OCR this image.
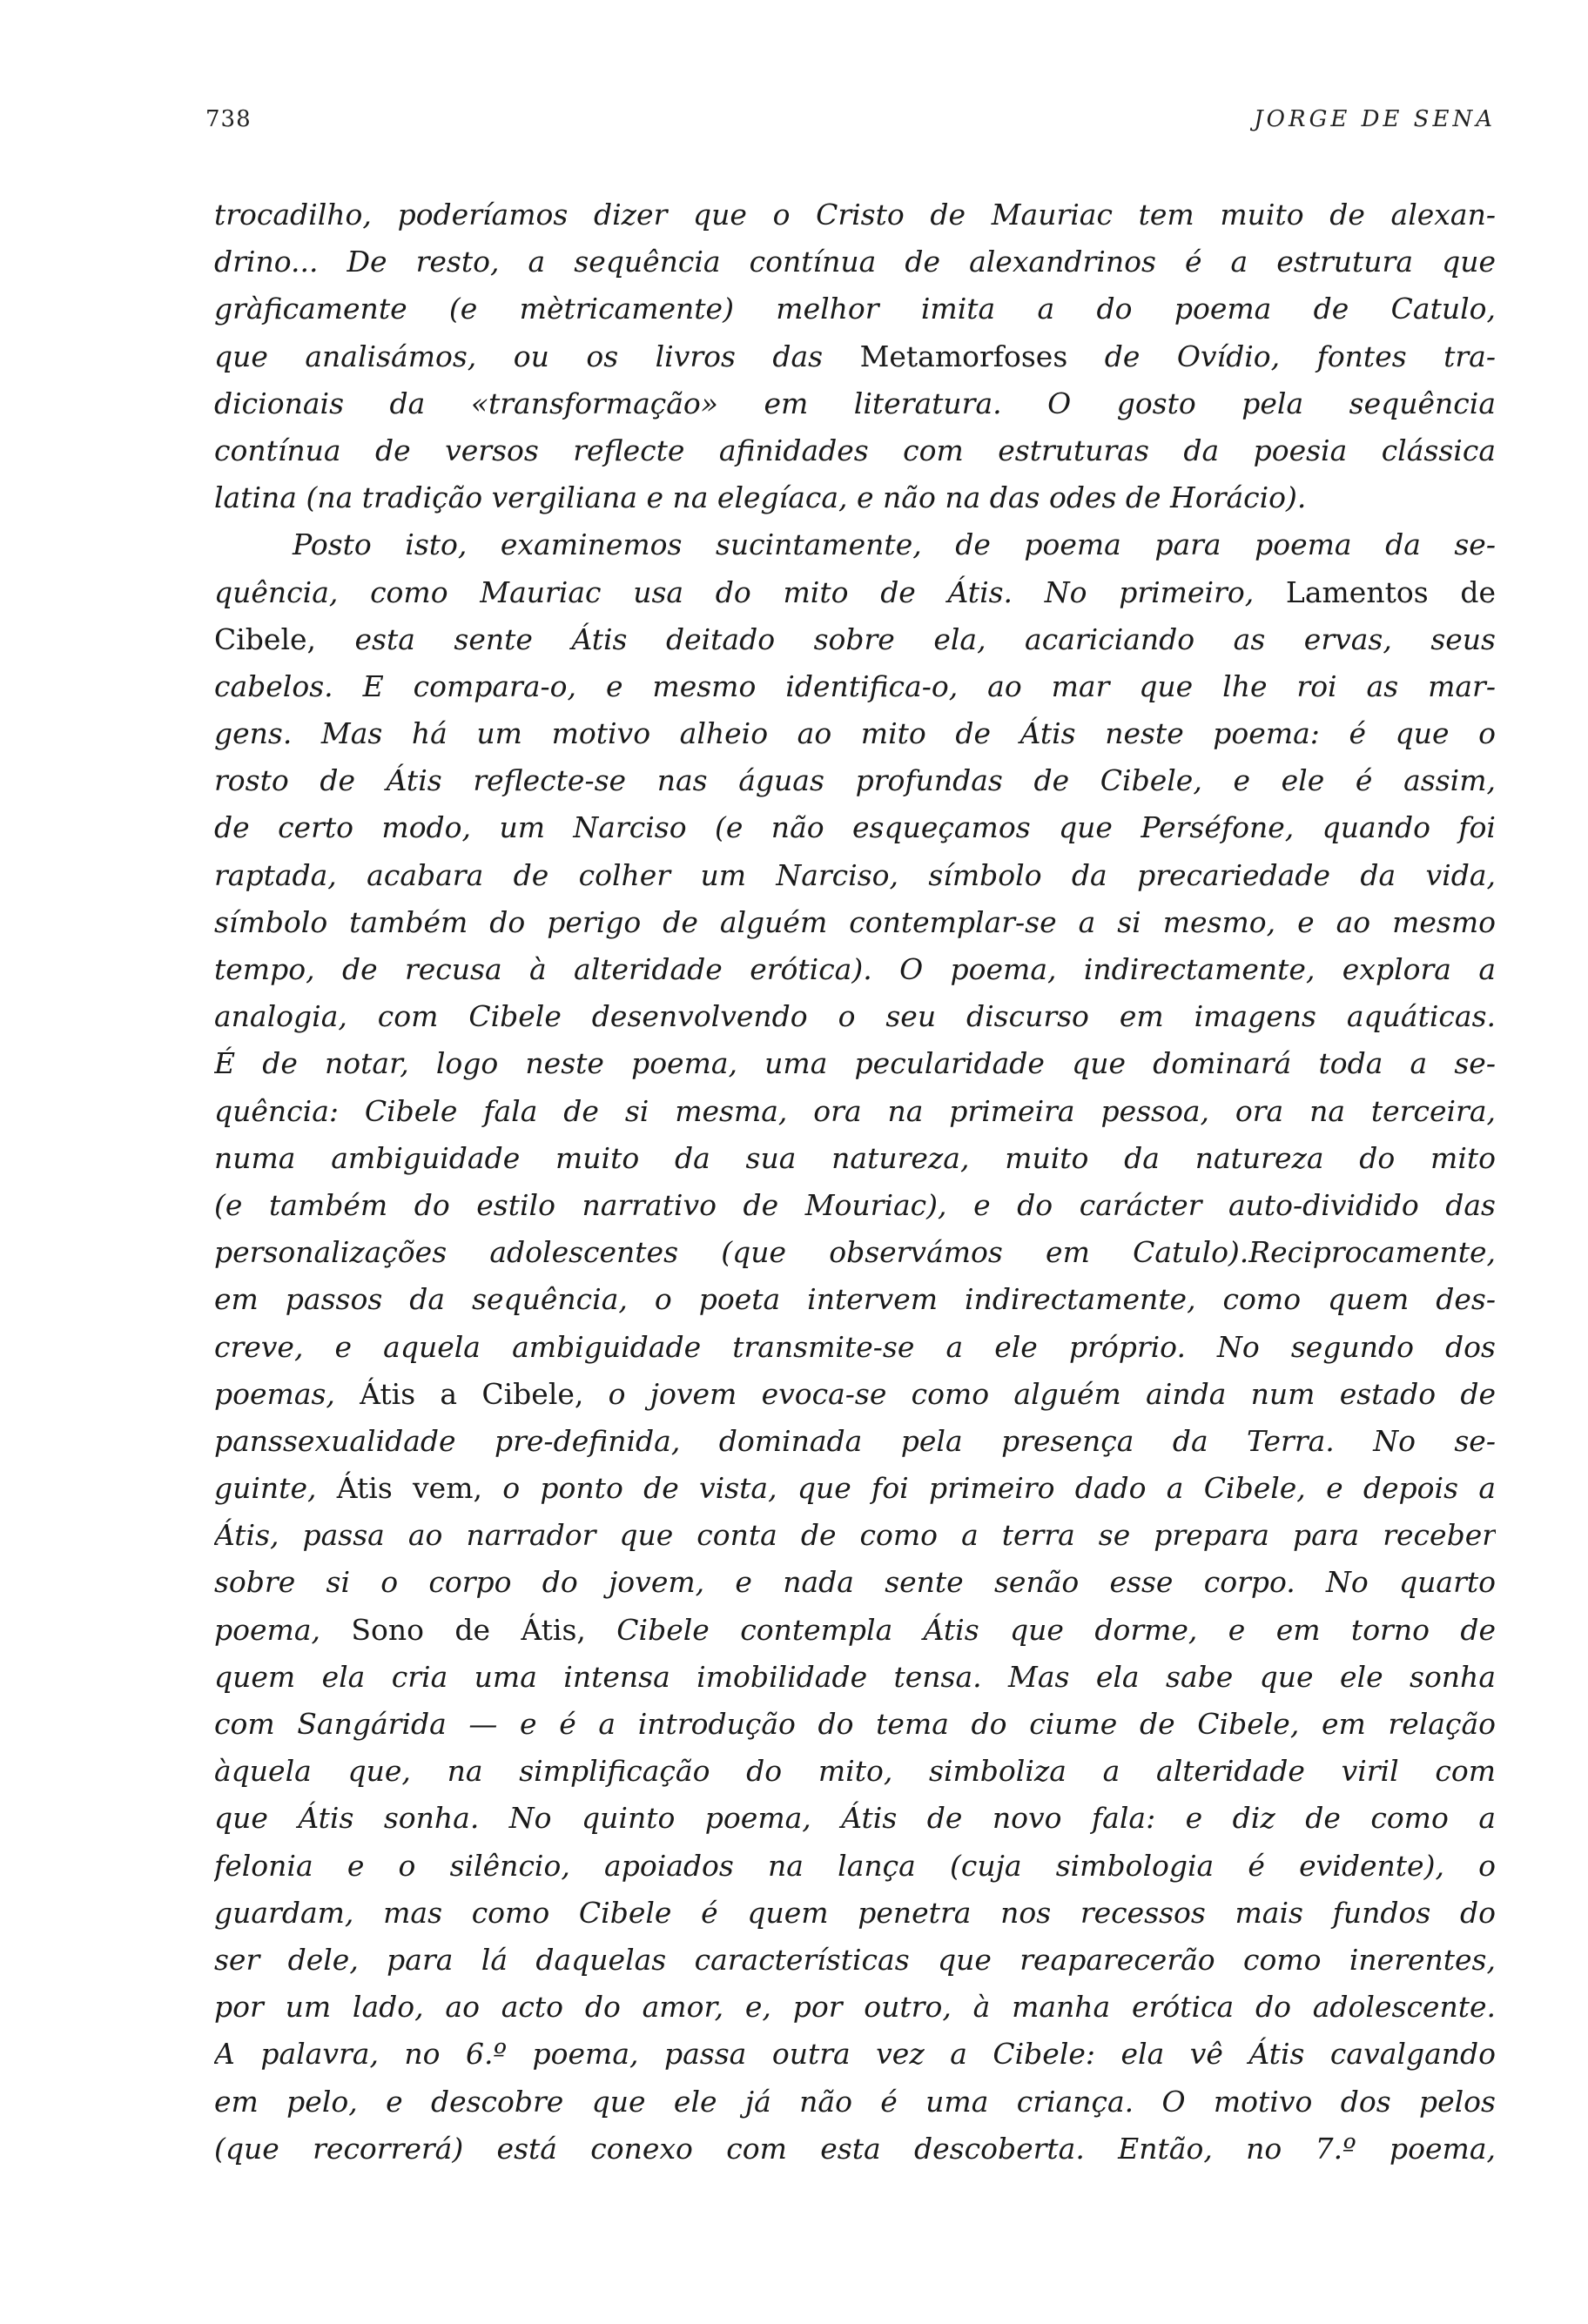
738	JORGE DE SENA
trocadilho, poderíamos dizer que o Cristo de Mauriac tem muito de alexan-
drino... De resto, a sequência contínua de alexandrinos é a estrutura que
gràficamente (e mètricamente) melhor imita a do poema de Catulo,
que analisámos, ou os livros das Metamorfoses de Ovídio, fontes tra-
dicionais da «transformação» em literatura. O gosto pela sequência
contínua de versos reflecte afinidades com estruturas da poesia clássica
latina (na tradição vergiliana e na elegíaca, e não na das odes de Horácio).
Posto isto, examinemos sucintamente, de poema para poema da se-
quência, como Mauriac usa do mito de Átis. No primeiro, Lamentos de
Cibele, esta sente Átis deitado sobre ela, acariciando as ervas, seus
cabelos. E compara-o, e mesmo identifica-o, ao mar que lhe roi as mar-
gens. Mas há um motivo alheio ao mito de Átis neste poema: é que o
rosto de Átis reflecte-se nas águas profundas de Cibele, e ele é assim,
de certo modo, um Narciso (e não esqueçamos que Perséfone, quando foi
raptada, acabara de colher um Narciso, símbolo da precariedade da vida,
símbolo também do perigo de alguém contemplar-se a si mesmo, e ao mesmo
tempo, de recusa à alteridade erótica). O poema, indirectamente, explora a
analogia, com Cibele desenvolvendo o seu discurso em imagens aquáticas.
É de notar, logo neste poema, uma pecularidade que dominará toda a se-
quência: Cibele fala de si mesma, ora na primeira pessoa, ora na terceira,
numa ambiguidade muito da sua natureza, muito da natureza do mito
(e também do estilo narrativo de Mouriac), e do carácter auto-dividido das
personalizações adolescentes (que observámos em Catulo).Reciprocamente,
em passos da sequência, o poeta intervem indirectamente, como quem des-
creve, e aquela ambiguidade transmite-se a ele próprio. No segundo dos
poemas, Átis a Cibele, o jovem evoca-se como alguém ainda num estado de
panssexualidade pre-definida, dominada pela presença da Terra. No se-
guinte, Átis vem, o ponto de vista, que foi primeiro dado a Cibele, e depois a
Átis, passa ao narrador que conta de como a terra se prepara para receber
sobre si o corpo do jovem, e nada sente senão esse corpo. No quarto
poema, Sono de Átis, Cibele contempla Átis que dorme, e em torno de
quem ela cria uma intensa imobilidade tensa. Mas ela sabe que ele sonha
com Sangárida — e é a introdução do tema do ciume de Cibele, em relação
àquela que, na simplificação do mito, simboliza a alteridade viril com
que Átis sonha. No quinto poema, Átis de novo fala: e diz de como a
felonia e o silêncio, apoiados na lança (cuja simbologia é evidente), o
guardam, mas como Cibele é quem penetra nos recessos mais fundos do
ser dele, para lá daquelas características que reaparecerão como inerentes,
por um lado, ao acto do amor, e, por outro, à manha erótica do adolescente.
A palavra, no 6.º poema, passa outra vez a Cibele: ela vê Átis cavalgando
em pelo, e descobre que ele já não é uma criança. O motivo dos pelos
(que recorrerá) está conexo com esta descoberta. Então, no 7.º poema,
